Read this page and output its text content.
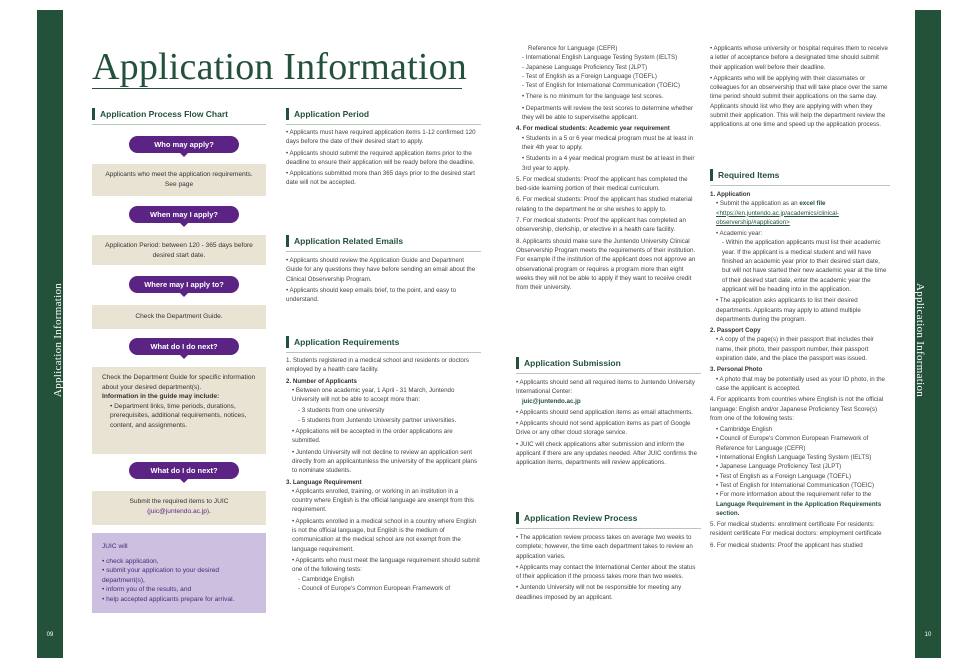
Application Information
09
Application Information
10
Application Information
Application Process Flow Chart
Who may apply?
Applicants who meet the application requirements. See page
When may I apply?
Application Period: between 120 - 365 days before desired start date.
Where may I apply to?
Check the Department Guide.
What do I do next?
Check the Department Guide for specific information about your desired department(s).
Information in the guide may include:
• Department links, time periods, durations, prerequisites, additional requirements, notices, content, and assignments.
What do I do next?
Submit the required items to JUIC
(juic@juntendo.ac.jp).
JUIC will
• check application,
• submit your application to your desired department(s),
• inform you of the results, and
• help accepted applicants prepare for arrival.
Application Period

• Applicants must have required application items 1-12 confirmed 120 days before the date of their desired start to apply.

• Applicants should submit the required application items prior to the deadline to ensure their application will be ready before the deadline.

• Applications submitted more than 365 days prior to the desired start date will not be accepted.

Application Related Emails

• Applicants should review the Application Guide and Department Guide for any questions they have before sending an email about the Clinical Observership Program.

• Applicants should keep emails brief, to the point, and easy to understand.

Application Requirements

1. Students registered in a medical school and residents or doctors employed by a health care facility.

2. Number of Applicants

• Between one academic year, 1 April - 31 March, Juntendo University will not be able to accept more than:

- 3 students from one university

- 5 students from Juntendo University partner universities.

• Applications will be accepted in the order applications are submitted.

• Juntendo University will not decline to review an application sent directly from an applicantunless the university of the applicant plans to nominate students.

3. Language Requirement

• Applicants enrolled, training, or working in an institution in a country where English is the official language are exempt from this requirement.

• Applicants enrolled in a medical school in a country where English is not the official language, but English is the medium of communication at the medical school are not exempt from the language requirement.

• Applicants who must meet the language requirement should submit one of the following tests:

- Cambridge English

- Council of Europe's Common European Framework of

Reference for Language (CEFR)

- International English Language Testing System (IELTS)

- Japanese Language Proficiency Test (JLPT)

- Test of English as a Foreign Language (TOEFL)

- Test of English for International Communication (TOEIC)

• There is no minimum for the language test scores.

• Departments will review the test scores to determine whether they will be able to supervisethe applicant.

4. For medical students: Academic year requirement

• Students in a 5 or 6 year medical program must be at least in their 4th year to apply.

• Students in a 4 year medical program must be at least in their 3rd year to apply.

5. For medical students: Proof the applicant has completed the bed-side learning portion of their medical curriculum.

6. For medical students: Proof the applicant has studied material relating to the department he or she wishes to apply to.

7. For medical students: Proof the applicant has completed an observership, clerkship, or elective in a health care facility.

8. Applicants should make sure the Juntendo University Clinical Observership Program meets the requirements of their institution. For example if the institution of the applicant does not approve an observational program or requires a program more than eight weeks they will not be able to apply if they want to receive credit from their university.

Application Submission

• Applicants should send all required items to Juntendo University International Center:

juic@juntendo.ac.jp

• Applicants should send application items as email attachments.

• Applicants should not send application items as part of Google Drive or any other cloud storage service.

• JUIC will check applications after submission and inform the applicant if there are any updates needed. After JUIC confirms the application items, departments will review applications.

Application Review Process

• The application review process takes on average two weeks to complete; however, the time each department takes to review an application varies.

• Applicants may contact the International Center about the status of their application if the process takes more than two weeks.

• Juntendo University will not be responsible for meeting any deadlines imposed by an applicant.

• Applicants whose university or hospital requires them to receive a letter of acceptance before a designated time should submit their application well before their deadline.

• Applicants who will be applying with their classmates or colleagues for an observership that will take place over the same time period should submit their applications on the same day. Applicants should list who they are applying with when they submit their application. This will help the department review the applications at one time and speed up the application process.

Required Items

1. Application

• Submit the application as an excel file

<https://en.juntendo.ac.jp/academics/clinical-observership/#application>

• Academic year:

- Within the application applicants must list their academic year. If the applicant is a medical student and will have finished an academic year prior to their desired start date, but will not have started their new academic year at the time of their desired start date, enter the academic year the applicant will be heading into in the application.

• The application asks applicants to list their desired departments. Applicants may apply to attend multiple departments during the program.

2. Passport Copy

• A copy of the page(s) in their passport that includes their name, their photo, their passport number, their passport expiration date, and the place the passport was issued.

3. Personal Photo

• A photo that may be potentially used as your ID photo, in the case the applicant is accepted.

4. For applicants from countries where English is not the official language: English and/or Japanese Proficiency Test Score(s) from one of the following tests:

• Cambridge English

• Council of Europe's Common European Framework of Reference for Language (CEFR)

• International English Language Testing System (IELTS)

• Japanese Language Proficiency Test (JLPT)

• Test of English as a Foreign Language (TOEFL)

• Test of English for International Communication (TOEIC)

• For more information about the requirement refer to the Language Requirement in the Application Requirements section.

5. For medical students: enrollment certificate For residents: resident certificate For medical doctors: employment certificate

6. For medical students: Proof the applicant has studied
